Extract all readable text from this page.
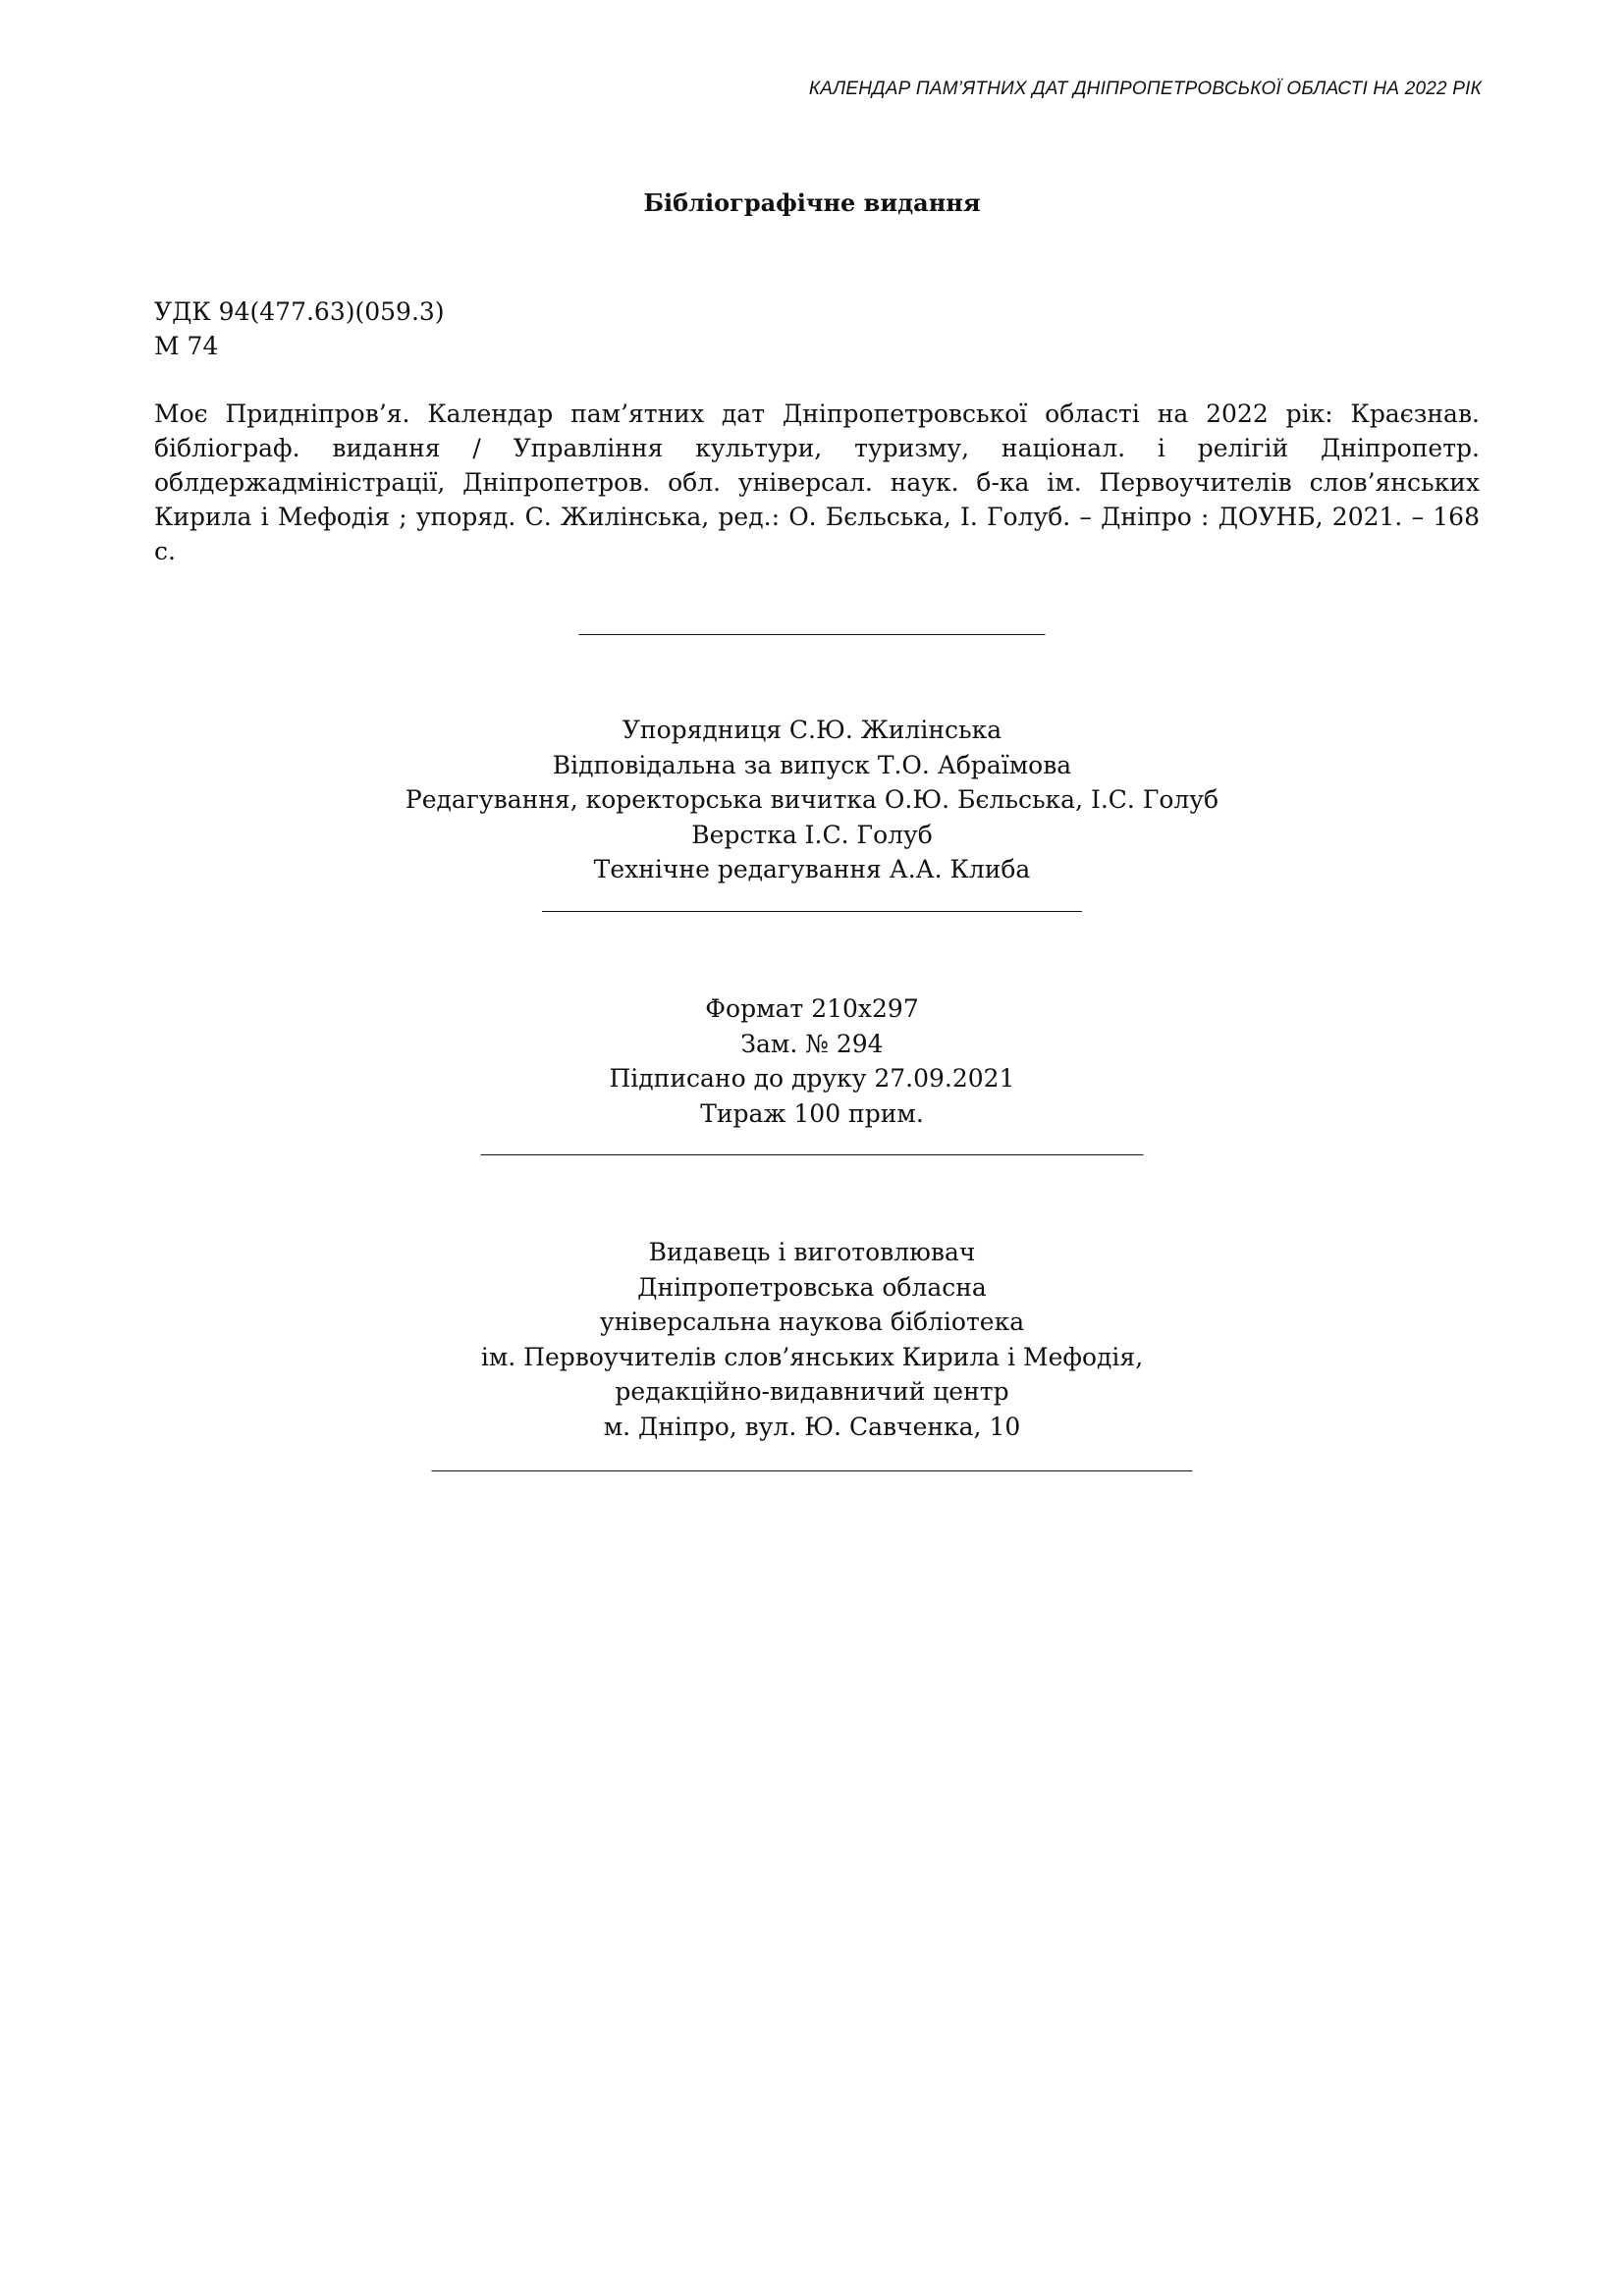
КАЛЕНДАР ПАМ’ЯТНИХ ДАТ ДНІПРОПЕТРОВСЬКОЇ ОБЛАСТІ НА 2022 РІК
Бібліографічне видання
УДК 94(477.63)(059.3)
М 74

Моє Придніпров’я. Календар пам’ятних дат Дніпропетровської області на 2022 рік: Краєзнав. бібліограф. видання / Управління культури, туризму, націонал. і релігій Дніпропетр. облдержадміністрації, Дніпропетров. обл. універсал. наук. б-ка ім. Первоучителів слов’янських Кирила і Мефодія ; упоряд. С. Жилінська, ред.: О. Бєльська, І. Голуб. – Дніпро : ДОУНБ, 2021. – 168 с.

______________________________________
Упорядниця С.Ю. Жилінська
Відповідальна за випуск Т.О. Абраїмова
Редагування, коректорська вичитка О.Ю. Бєльська, І.С. Голуб
Верстка І.С. Голуб
Технічне редагування А.А. Клиба
____________________________________________
Формат 210х297
Зам. № 294
Підписано до друку 27.09.2021
Тираж 100 прим.
______________________________________________________
Видавець і виготовлювач
Дніпропетровська обласна
універсальна наукова бібліотека
ім. Первоучителів слов’янських Кирила і Мефодія,
редакційно-видавничий центр
м. Дніпро, вул. Ю. Савченка, 10
______________________________________________________________
